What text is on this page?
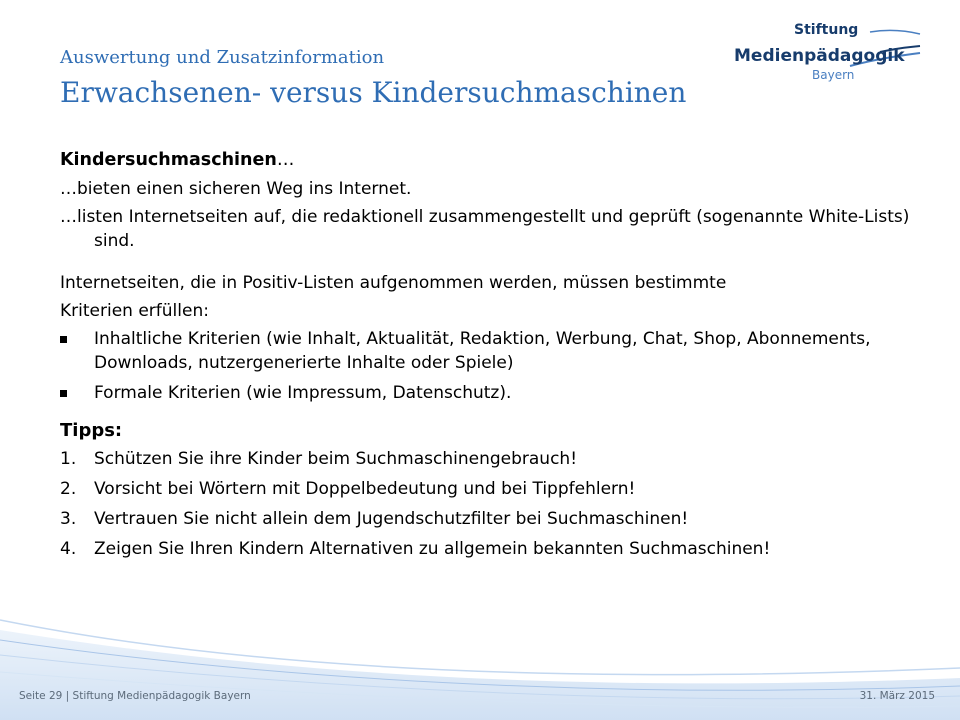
Auswertung und Zusatzinformation
Erwachsenen- versus Kindersuchmaschinen
Stiftung
Medienpädagogik
Bayern
Kindersuchmaschinen…
…bieten einen sicheren Weg ins Internet.
…listen Internetseiten auf, die redaktionell zusammengestellt und geprüft (sogenannte White-Lists) sind.
Internetseiten, die in Positiv-Listen aufgenommen werden, müssen bestimmte
Kriterien erfüllen:
Inhaltliche Kriterien (wie Inhalt, Aktualität, Redaktion, Werbung, Chat, Shop, Abonnements, Downloads, nutzergenerierte Inhalte oder Spiele)
Formale Kriterien (wie Impressum, Datenschutz).
Tipps:
1. Schützen Sie ihre Kinder beim Suchmaschinengebrauch!
2. Vorsicht bei Wörtern mit Doppelbedeutung und bei Tippfehlern!
3. Vertrauen Sie nicht allein dem Jugendschutzfilter bei Suchmaschinen!
4. Zeigen Sie Ihren Kindern Alternativen zu allgemein bekannten Suchmaschinen!
Seite 29 | Stiftung Medienpädagogik Bayern	31. März 2015
